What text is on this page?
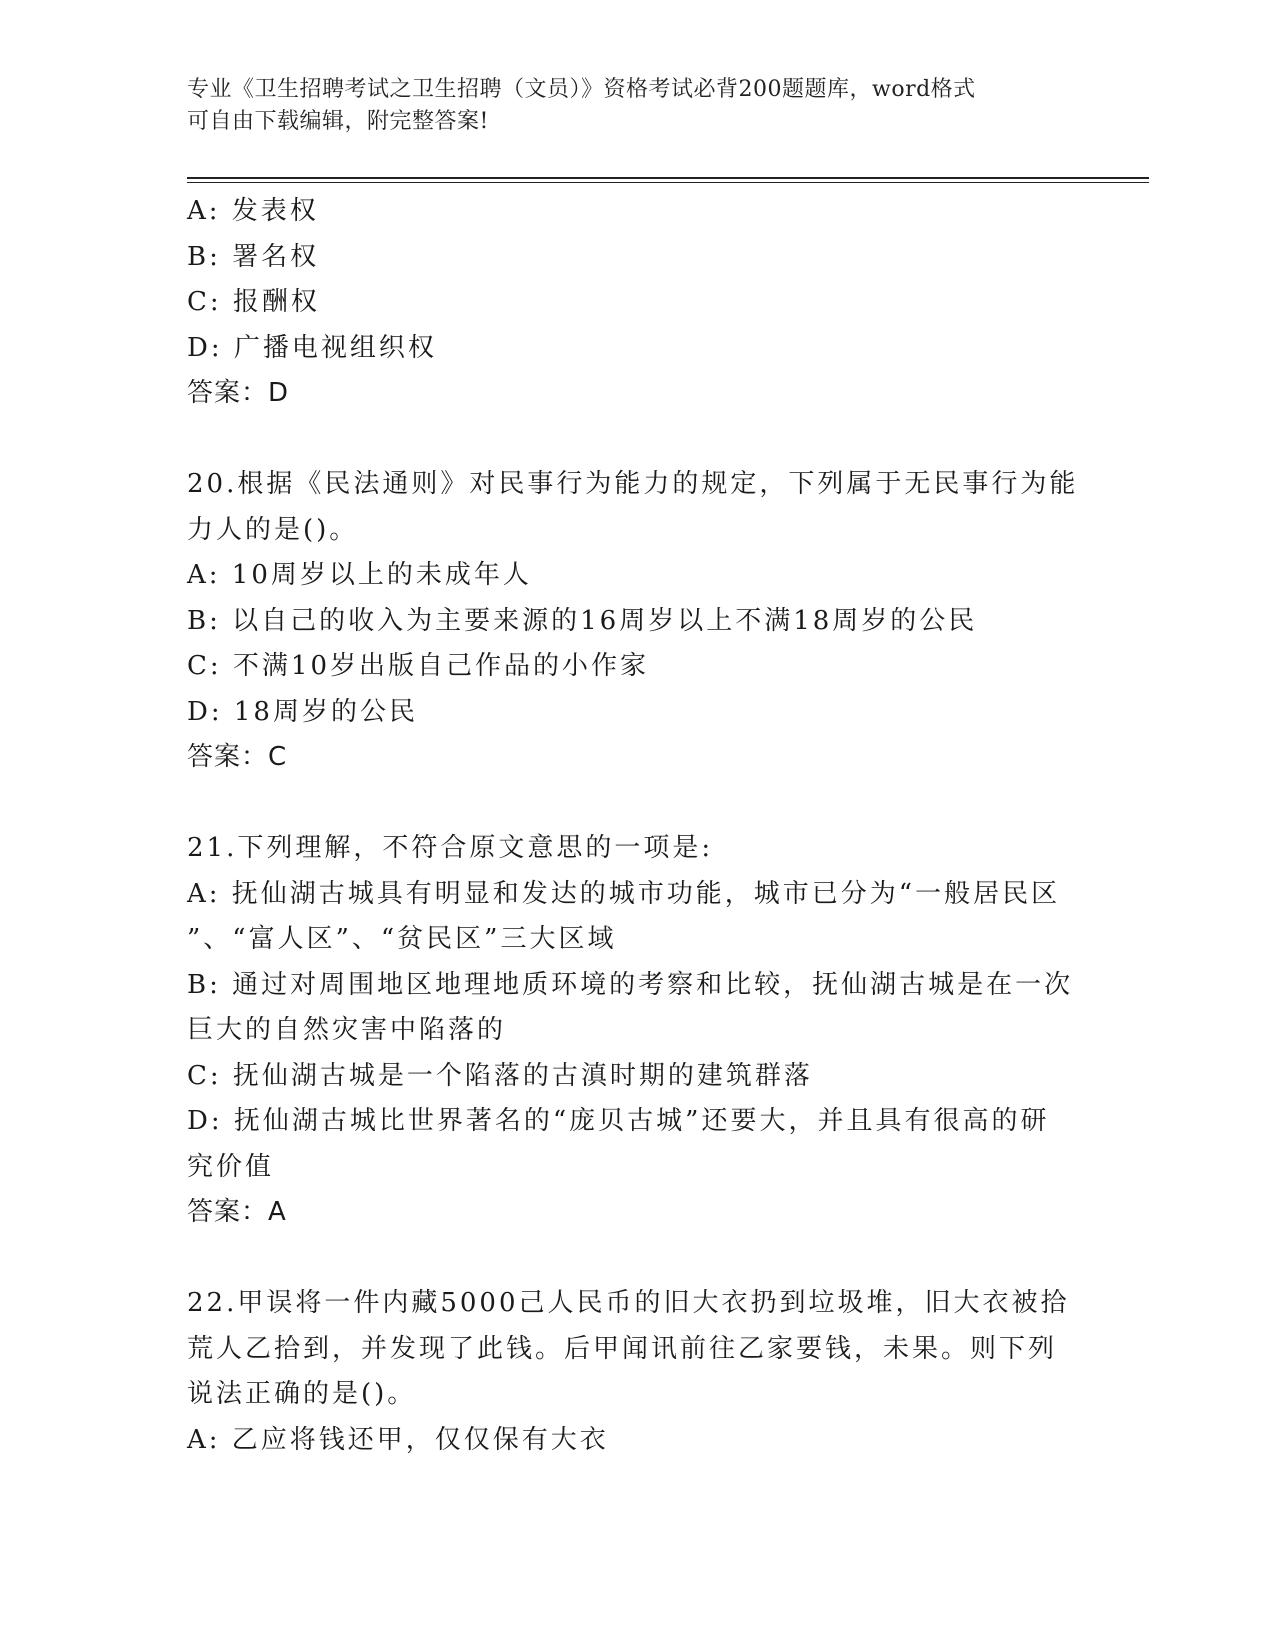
专业《卫生招聘考试之卫生招聘（文员）》资格考试必背200题题库，word格式
可自由下载编辑，附完整答案!
A: 发表权
B: 署名权
C: 报酬权
D: 广播电视组织权
答案：D
20.根据《民法通则》对民事行为能力的规定，下列属于无民事行为能
力人的是()。
A: 10周岁以上的未成年人
B: 以自己的收入为主要来源的16周岁以上不满18周岁的公民
C: 不满10岁出版自己作品的小作家
D: 18周岁的公民
答案：C
21.下列理解，不符合原文意思的一项是:
A: 抚仙湖古城具有明显和发达的城市功能，城市已分为“一般居民区
”、“富人区”、“贫民区”三大区域
B: 通过对周围地区地理地质环境的考察和比较，抚仙湖古城是在一次
巨大的自然灾害中陷落的
C: 抚仙湖古城是一个陷落的古滇时期的建筑群落
D: 抚仙湖古城比世界著名的“庞贝古城”还要大，并且具有很高的研
究价值
答案：A
22.甲误将一件内藏5000己人民币的旧大衣扔到垃圾堆，旧大衣被拾
荒人乙拾到，并发现了此钱。后甲闻讯前往乙家要钱，未果。则下列
说法正确的是()。
A: 乙应将钱还甲，仅仅保有大衣
